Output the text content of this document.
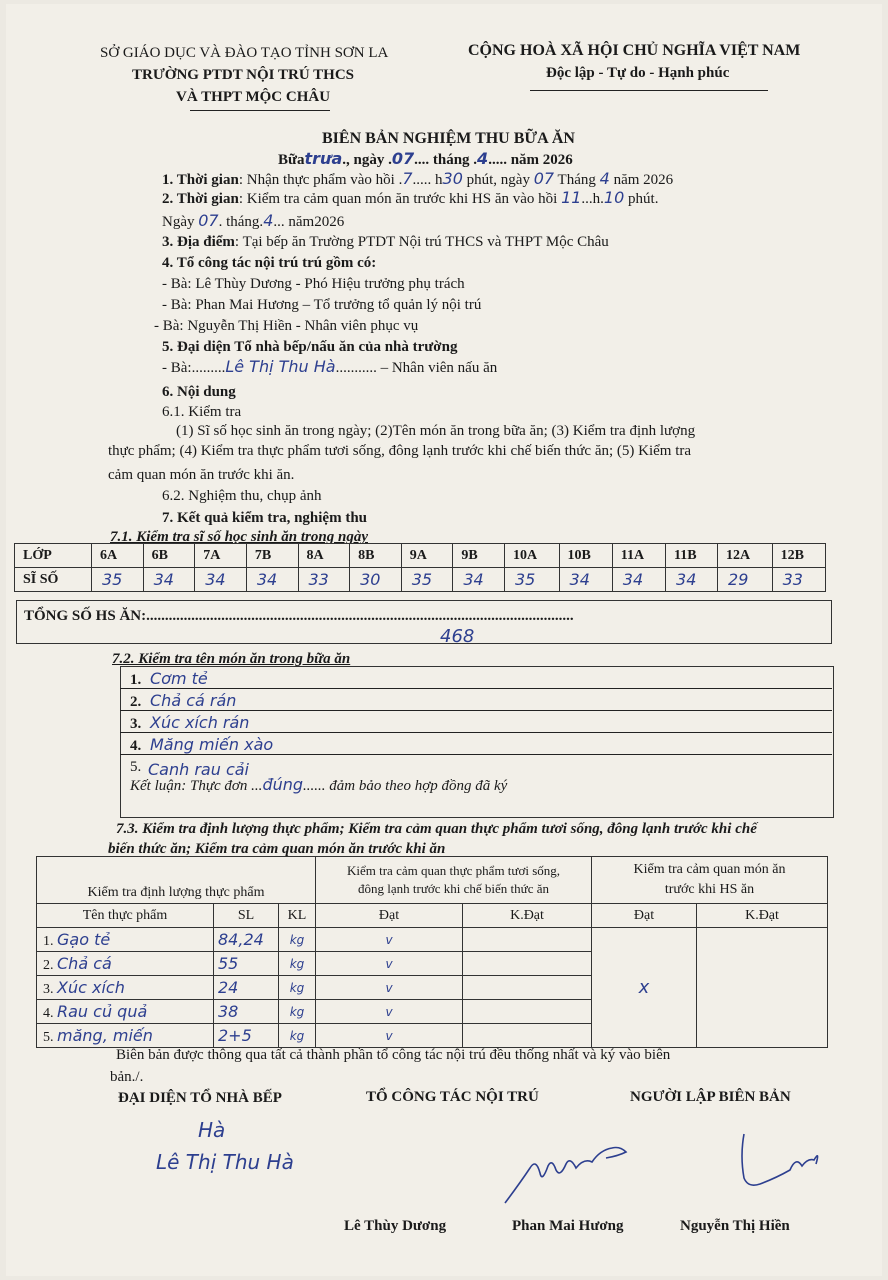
SỞ GIÁO DỤC VÀ ĐÀO TẠO TỈNH SƠN LA
TRƯỜNG PTDT NỘI TRÚ THCS
VÀ THPT MỘC CHÂU
CỘNG HOÀ XÃ HỘI CHỦ NGHĨA VIỆT NAM
Độc lập - Tự do - Hạnh phúc
BIÊN BẢN NGHIỆM THU BỮA ĂN
Bữatrưa., ngày .07.... tháng .4..... năm 2026
1. Thời gian: Nhận thực phẩm vào hồi .7..... h30 phút, ngày 07 Tháng 4 năm 2026
2. Thời gian: Kiểm tra cảm quan món ăn trước khi HS ăn vào hồi 11...h.10 phút.
Ngày 07. tháng.4... năm2026
3. Địa điểm: Tại bếp ăn Trường PTDT Nội trú THCS và THPT Mộc Châu
4. Tổ công tác nội trú trú gồm có:
- Bà: Lê Thùy Dương - Phó Hiệu trưởng phụ trách
- Bà: Phan Mai Hương – Tổ trưởng tổ quản lý nội trú
- Bà: Nguyễn Thị Hiền - Nhân viên phục vụ
5. Đại diện Tổ nhà bếp/nấu ăn của nhà trường
- Bà:.........Lê Thị Thu Hà........... – Nhân viên nấu ăn
6. Nội dung
6.1. Kiểm tra
(1) Sĩ số học sinh ăn trong ngày; (2)Tên món ăn trong bữa ăn; (3) Kiểm tra định lượng
thực phẩm; (4) Kiểm tra thực phẩm tươi sống, đông lạnh trước khi chế biến thức ăn; (5) Kiểm tra
cảm quan món ăn trước khi ăn.
6.2. Nghiệm thu, chụp ảnh
7. Kết quả kiểm tra, nghiệm thu
7.1. Kiểm tra sĩ số học sinh ăn trong ngày
LỚP	6A	6B	7A	7B	8A	8B	9A	9B	10A	10B	11A	11B	12A	12B
SĨ SỐ	35	34	34	34	33	30	35	34	35	34	34	34	29	33
TỔNG SỐ HS ĂN:..................................................................................................................
468
7.2. Kiểm tra tên món ăn trong bữa ăn
1. Cơm tẻ
2. Chả cá rán
3. Xúc xích rán
4. Măng miến xào
5. Canh rau cải
Kết luận: Thực đơn ...đúng...... đảm bảo theo hợp đồng đã ký
7.3. Kiểm tra định lượng thực phẩm; Kiểm tra cảm quan thực phẩm tươi sống, đông lạnh trước khi chế
biến thức ăn; Kiểm tra cảm quan món ăn trước khi ăn
Kiểm tra định lượng thực phẩm			Kiểm tra cảm quan thực phẩm tươi sống,
đông lạnh trước khi chế biến thức ăn		Kiểm tra cảm quan món ăn
trước khi HS ăn	
Tên thực phẩm	SL	KL	Đạt	K.Đạt	Đạt	K.Đạt
1. Gạo tẻ	84,24	kg	v		x	
2. Chả cá	55	kg	v			
3. Xúc xích	24	kg	v			
4. Rau củ quả	38	kg	v			
5. măng, miến	2+5	kg	v			
Biên bản được thông qua tất cả thành phần tổ công tác nội trú đều thống nhất và ký vào biên
bản./.
ĐẠI DIỆN TỔ NHÀ BẾP	TỔ CÔNG TÁC NỘI TRÚ	NGƯỜI LẬP BIÊN BẢN
Hà
Lê Thị Thu Hà
Lê Thùy Dương	Phan Mai Hương	Nguyễn Thị Hiền
